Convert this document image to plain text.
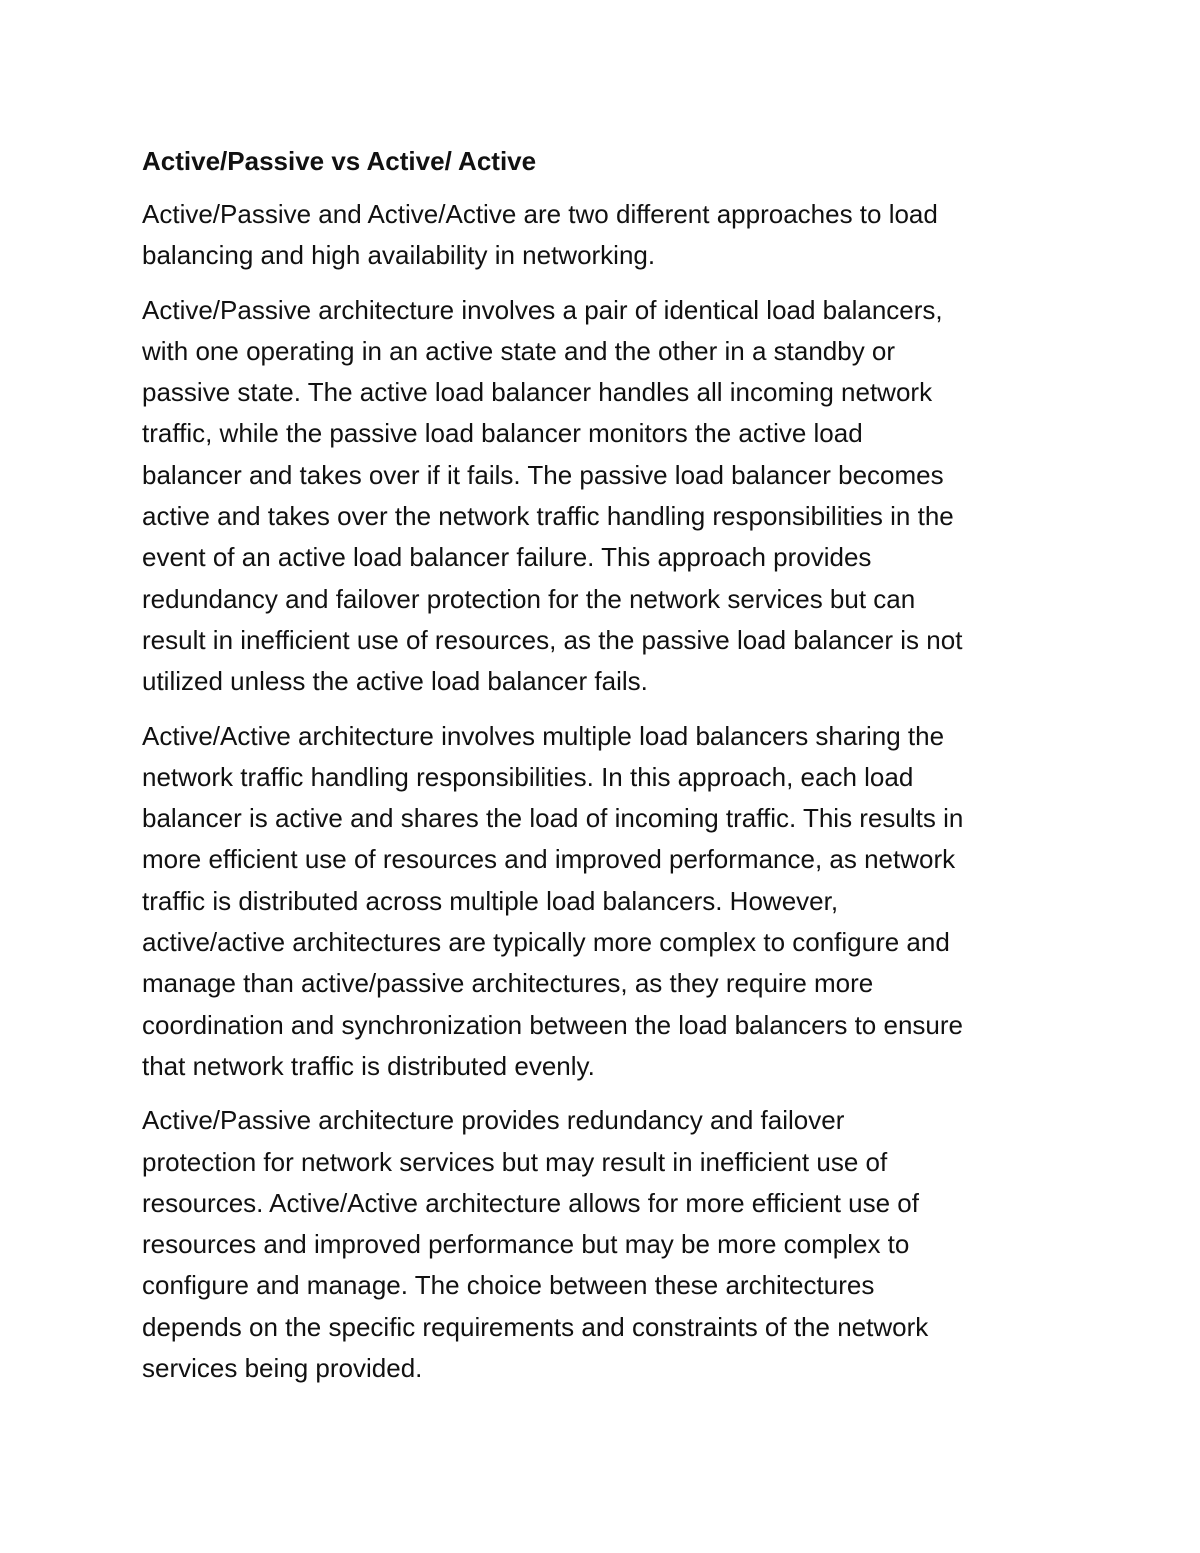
Active/Passive vs Active/ Active
Active/Passive and Active/Active are two different approaches to load
balancing and high availability in networking.
Active/Passive architecture involves a pair of identical load balancers,
with one operating in an active state and the other in a standby or
passive state. The active load balancer handles all incoming network
traffic, while the passive load balancer monitors the active load
balancer and takes over if it fails. The passive load balancer becomes
active and takes over the network traffic handling responsibilities in the
event of an active load balancer failure. This approach provides
redundancy and failover protection for the network services but can
result in inefficient use of resources, as the passive load balancer is not
utilized unless the active load balancer fails.
Active/Active architecture involves multiple load balancers sharing the
network traffic handling responsibilities. In this approach, each load
balancer is active and shares the load of incoming traffic. This results in
more efficient use of resources and improved performance, as network
traffic is distributed across multiple load balancers. However,
active/active architectures are typically more complex to configure and
manage than active/passive architectures, as they require more
coordination and synchronization between the load balancers to ensure
that network traffic is distributed evenly.
Active/Passive architecture provides redundancy and failover
protection for network services but may result in inefficient use of
resources. Active/Active architecture allows for more efficient use of
resources and improved performance but may be more complex to
configure and manage. The choice between these architectures
depends on the specific requirements and constraints of the network
services being provided.
